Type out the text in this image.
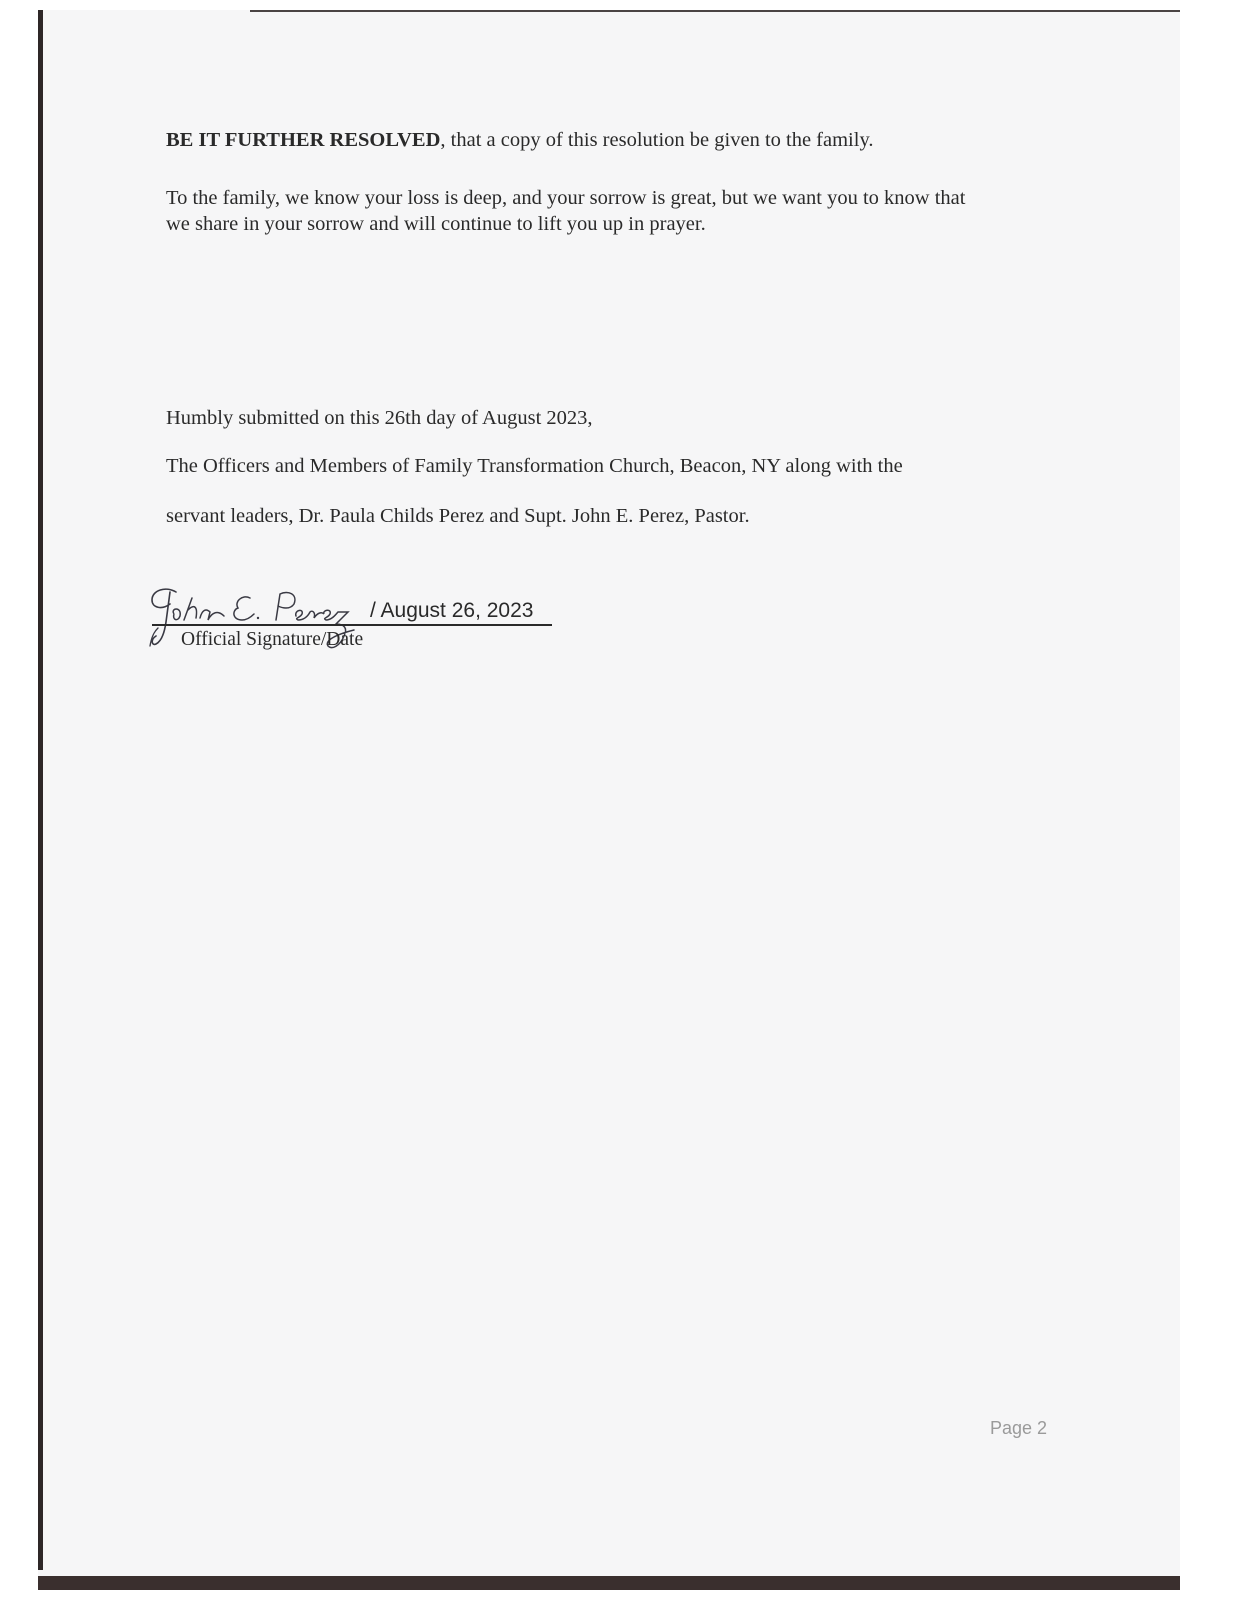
BE IT FURTHER RESOLVED, that a copy of this resolution be given to the family.
To the family, we know your loss is deep, and your sorrow is great, but we want you to know that
we share in your sorrow and will continue to lift you up in prayer.
Humbly submitted on this 26th day of August 2023,
The Officers and Members of Family Transformation Church, Beacon, NY along with the
servant leaders, Dr. Paula Childs Perez and Supt. John E. Perez, Pastor.
/ August 26, 2023
Official Signature/Date
Page 2
